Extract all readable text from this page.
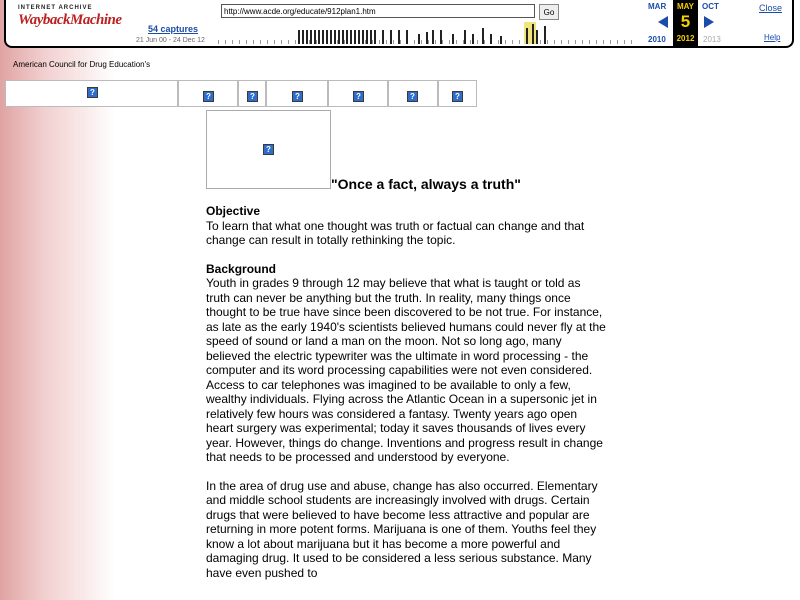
INTERNET ARCHIVE
WaybackMachine
54 captures
21 Jun 00 - 24 Dec 12
http://www.acde.org/educate/912plan1.htm
Go
MAR	OCT
MAY
5
2012
2010	2013
Close
Help
American Council for Drug Education's
?	?	?	?	?	?	?
?
"Once a fact, always a truth"
Objective

To learn that what one thought was truth or factual can change and that change can result in totally rethinking the topic.

Background

Youth in grades 9 through 12 may believe that what is taught or told as truth can never be anything but the truth. In reality, many things once thought to be true have since been discovered to be not true. For instance, as late as the early 1940's scientists believed humans could never fly at the speed of sound or land a man on the moon. Not so long ago, many believed the electric typewriter was the ultimate in word processing - the computer and its word processing capabilities were not even considered. Access to car telephones was imagined to be available to only a few, wealthy individuals. Flying across the Atlantic Ocean in a supersonic jet in relatively few hours was considered a fantasy. Twenty years ago open heart surgery was experimental; today it saves thousands of lives every year. However, things do change. Inventions and progress result in change that needs to be processed and understood by everyone.

In the area of drug use and abuse, change has also occurred. Elementary and middle school students are increasingly involved with drugs. Certain drugs that were believed to have become less attractive and popular are returning in more potent forms. Marijuana is one of them. Youths feel they know a lot about marijuana but it has become a more powerful and damaging drug. It used to be considered a less serious substance. Many have even pushed to
